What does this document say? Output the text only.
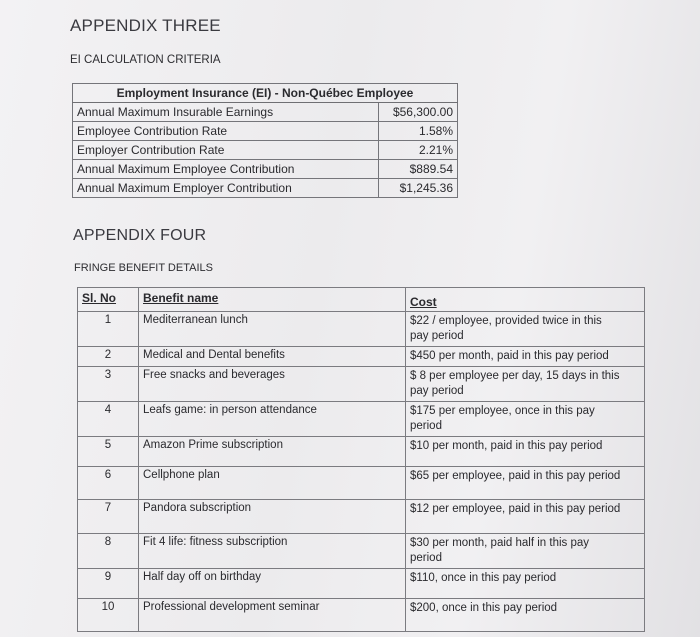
APPENDIX THREE
EI CALCULATION CRITERIA
Employment Insurance (EI) - Non-Québec Employee	
Annual Maximum Insurable Earnings	$56,300.00
Employee Contribution Rate	1.58%
Employer Contribution Rate	2.21%
Annual Maximum Employee Contribution	$889.54
Annual Maximum Employer Contribution	$1,245.36
APPENDIX FOUR
FRINGE BENEFIT DETAILS
Sl. No	Benefit name	Cost
1	Mediterranean lunch	$22 / employee, provided twice in this
pay period

2	Medical and Dental benefits	$450 per month, paid in this pay period

3	Free snacks and beverages	$ 8 per employee per day, 15 days in this
pay period

4	Leafs game: in person attendance	$175 per employee, once in this pay
period

5	Amazon Prime subscription	$10 per month, paid in this pay period

6	Cellphone plan	$65 per employee, paid in this pay period

7	Pandora subscription	$12 per employee, paid in this pay period

8	Fit 4 life: fitness subscription	$30 per month, paid half in this pay
period

9	Half day off on birthday	$110, once in this pay period

10	Professional development seminar	$200, once in this pay period
